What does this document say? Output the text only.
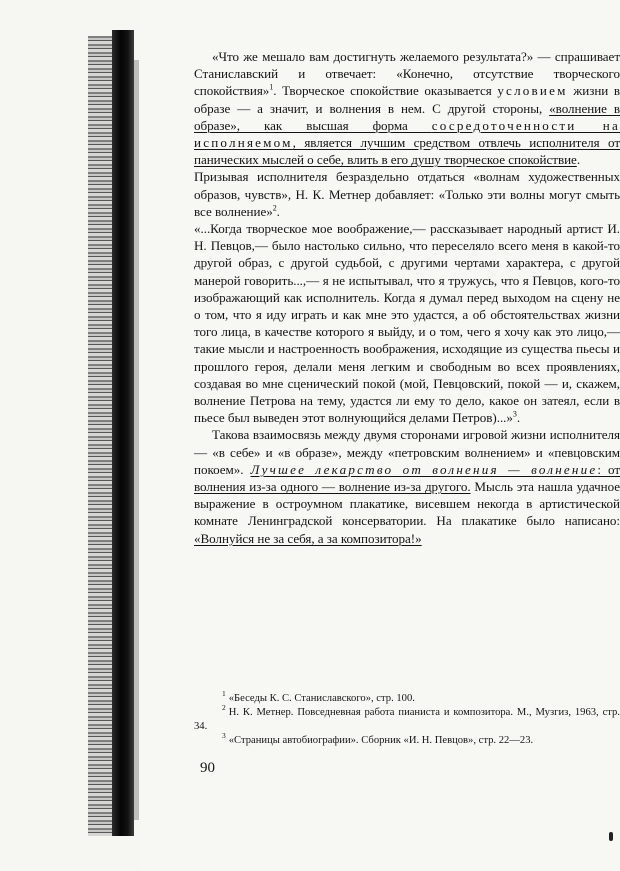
«Что же мешало вам достигнуть желаемого результата?» — спрашивает Станиславский и отвечает: «Конечно, отсутствие творческого спокойствия»$^1$. Творческое спокойствие оказывается условием жизни в образе — а значит, и волнения в нем. С другой стороны, «волнение в образе», как высшая форма сосредоточенности на исполняемом, является лучшим средством отвлечь исполнителя от панических мыслей о себе, влить в его душу творческое спокойствие.

Призывая исполнителя безраздельно отдаться «волнам художественных образов, чувств», Н. К. Метнер добавляет: «Только эти волны могут смыть все волнение»$^2$.

«...Когда творческое мое воображение,— рассказывает народный артист И. Н. Певцов,— было настолько сильно, что переселяло всего меня в какой-то другой образ, с другой судьбой, с другими чертами характера, с другой манерой говорить...,— я не испытывал, что я тружусь, что я Певцов, кого-то изображающий как исполнитель. Когда я думал перед выходом на сцену не о том, что я иду играть и как мне это удастся, а об обстоятельствах жизни того лица, в качестве которого я выйду, и о том, чего я хочу как это лицо,— такие мысли и настроенность воображения, исходящие из существа пьесы и прошлого героя, делали меня легким и свободным во всех проявлениях, создавая во мне сценический покой (мой, Певцовский, покой — и, скажем, волнение Петрова на тему, удастся ли ему то дело, какое он затеял, если в пьесе был выведен этот волнующийся делами Петров)...»$^3$.

Такова взаимосвязь между двумя сторонами игровой жизни исполнителя — «в себе» и «в образе», между «петровским волнением» и «певцовским покоем». Лучшее лекарство от волнения — волнение: от волнения из-за одного — волнение из-за другого. Мысль эта нашла удачное выражение в остроумном плакатике, висевшем некогда в артистической комнате Ленинградской консерватории. На плакатике было написано: «Волнуйся не за себя, а за композитора!»

$^1$ «Беседы К. С. Станиславского», стр. 100.

$^2$ Н. К. Метнер. Повседневная работа пианиста и композитора. М., Музгиз, 1963, стр. 34.

$^3$ «Страницы автобиографии». Сборник «И. Н. Певцов», стр. 22—23.

90
